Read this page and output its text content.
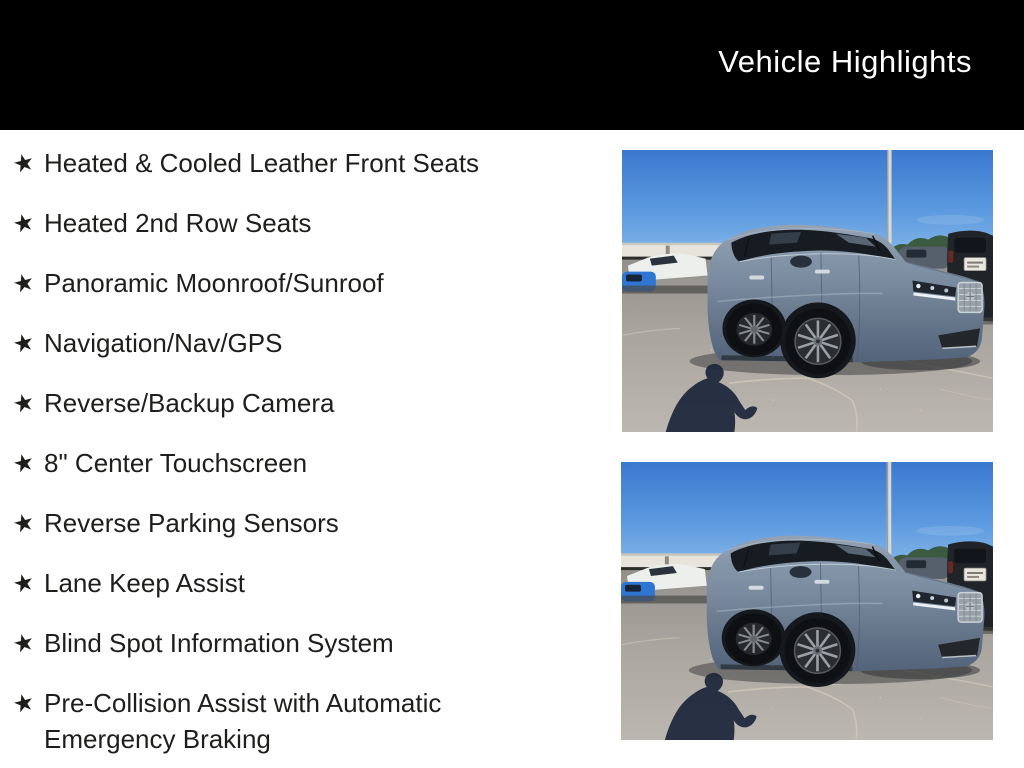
Vehicle Highlights
★ Heated & Cooled Leather Front Seats
★ Heated 2nd Row Seats
★ Panoramic Moonroof/Sunroof
★ Navigation/Nav/GPS
★ Reverse/Backup Camera
★ 8" Center Touchscreen
★ Reverse Parking Sensors
★ Lane Keep Assist
★ Blind Spot Information System
★ Pre-Collision Assist with Automatic Emergency Braking
